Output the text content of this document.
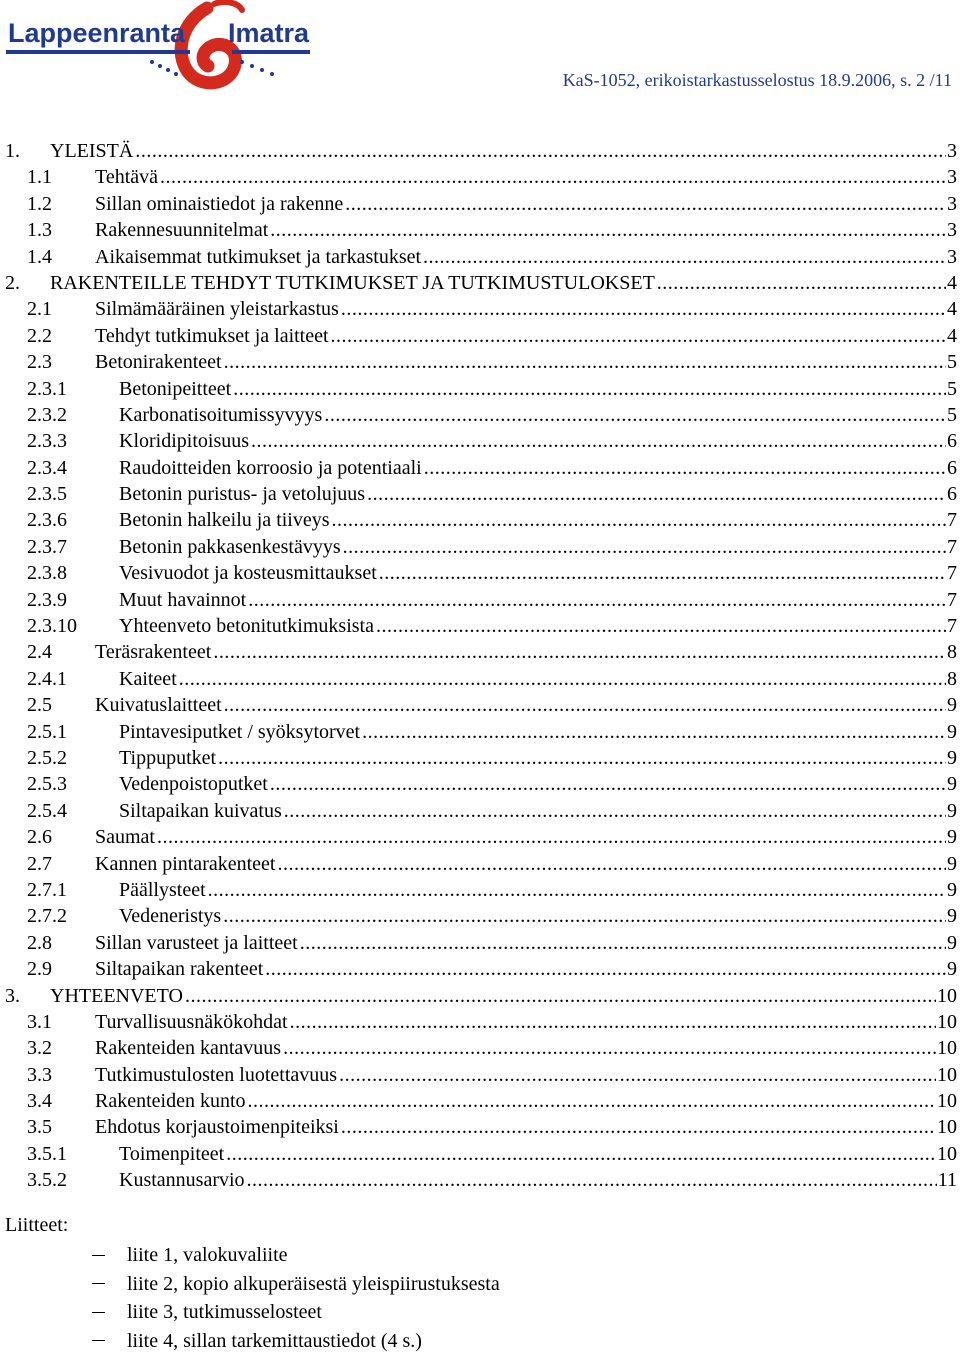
Lappeenranta Imatra
KaS-1052, erikoistarkastusselostus 18.9.2006, s. 2 /11
1.	YLEISTÄ .....	3
1.1	Tehtävä .....	3
1.2	Sillan ominaistiedot ja rakenne .....	3
1.3	Rakennesuunnitelmat .....	3
1.4	Aikaisemmat tutkimukset ja tarkastukset .....	3
2.	RAKENTEILLE TEHDYT TUTKIMUKSET JA TUTKIMUSTULOKSET .....	4
2.1	Silmämääräinen yleistarkastus .....	4
2.2	Tehdyt tutkimukset ja laitteet .....	4
2.3	Betonirakenteet .....	5
2.3.1	Betonipeitteet .....	5
2.3.2	Karbonatisoitumissyvyys .....	5
2.3.3	Kloridipitoisuus .....	6
2.3.4	Raudoitteiden korroosio ja potentiaali .....	6
2.3.5	Betonin puristus- ja vetolujuus .....	6
2.3.6	Betonin halkeilu ja tiiveys .....	7
2.3.7	Betonin pakkasenkestävyys .....	7
2.3.8	Vesivuodot ja kosteusmittaukset .....	7
2.3.9	Muut havainnot .....	7
2.3.10	Yhteenveto betonitutkimuksista .....	7
2.4	Teräsrakenteet .....	8
2.4.1	Kaiteet .....	8
2.5	Kuivatuslaitteet .....	9
2.5.1	Pintavesiputket / syöksytorvet .....	9
2.5.2	Tippuputket .....	9
2.5.3	Vedenpoistoputket .....	9
2.5.4	Siltapaikan kuivatus .....	9
2.6	Saumat .....	9
2.7	Kannen pintarakenteet .....	9
2.7.1	Päällysteet .....	9
2.7.2	Vedeneristys .....	9
2.8	Sillan varusteet ja laitteet .....	9
2.9	Siltapaikan rakenteet .....	9
3.	YHTEENVETO .....	10
3.1	Turvallisuusnäkökohdat .....	10
3.2	Rakenteiden kantavuus .....	10
3.3	Tutkimustulosten luotettavuus .....	10
3.4	Rakenteiden kunto .....	10
3.5	Ehdotus korjaustoimenpiteiksi .....	10
3.5.1	Toimenpiteet .....	10
3.5.2	Kustannusarvio .....	11
Liitteet:
liite 1, valokuvaliite
liite 2, kopio alkuperäisestä yleispiirustuksesta
liite 3, tutkimusselosteet
liite 4, sillan tarkemittaustiedot (4 s.)
